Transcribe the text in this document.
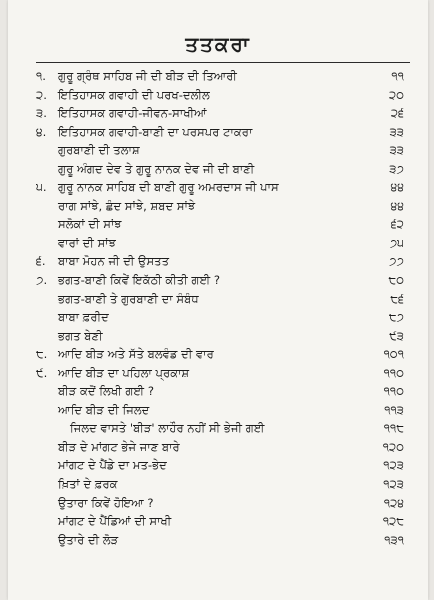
ਤਤਕਰਾ
੧.	ਗੁਰੂ ਗ੍ਰੰਥ ਸਾਹਿਬ ਜੀ ਦੀ ਬੀੜ ਦੀ ਤਿਆਰੀ	੧੧
੨. ਇਤਿਹਾਸਕ ਗਵਾਹੀ ਦੀ ਪਰਖ-ਦਲੀਲ	੨੦
੩. ਇਤਿਹਾਸਕ ਗਵਾਹੀ-ਜੀਵਨ-ਸਾਖੀਆਂ	੨੬
੪.	ਇਤਿਹਾਸਕ ਗਵਾਹੀ-ਬਾਣੀ ਦਾ ਪਰਸਪਰ ਟਾਕਰਾ	੩੩
ਗੁਰਬਾਣੀ ਦੀ ਤਲਾਸ਼	੩੩
ਗੁਰੂ ਅੰਗਦ ਦੇਵ ਤੇ ਗੁਰੂ ਨਾਨਕ ਦੇਵ ਜੀ ਦੀ ਬਾਣੀ	੩੭
੫. ਗੁਰੂ ਨਾਨਕ ਸਾਹਿਬ ਦੀ ਬਾਣੀ ਗੁਰੂ ਅਮਰਦਾਸ ਜੀ ਪਾਸ	੪੪
ਰਾਗ ਸਾਂਝੇ, ਛੰਦ ਸਾਂਝੇ, ਸ਼ਬਦ ਸਾਂਝੇ	੪੪
ਸਲੋਕਾਂ ਦੀ ਸਾਂਝ	੬੨
ਵਾਰਾਂ ਦੀ ਸਾਂਝ	੭੫
੬.	ਬਾਬਾ ਮੋਹਨ ਜੀ ਦੀ ਉਸਤਤ	੭੭
੭. ਭਗਤ-ਬਾਣੀ ਕਿਵੇਂ ਇਕੱਠੀ ਕੀਤੀ ਗਈ ?	੮੦
ਭਗਤ-ਬਾਣੀ ਤੇ ਗੁਰਬਾਣੀ ਦਾ ਸੰਬੰਧ	੮੬
ਬਾਬਾ ਫ਼ਰੀਦ	੮੭
ਭਗਤ ਬੇਣੀ	੯੩
੮. ਆਦਿ ਬੀੜ ਅਤੇ ਸੱਤੇ ਬਲਵੰਡ ਦੀ ਵਾਰ	੧੦੧
੯. ਆਦਿ ਬੀੜ ਦਾ ਪਹਿਲਾ ਪ੍ਰਕਾਸ਼	੧੧੦
ਬੀੜ ਕਦੋਂ ਲਿਖੀ ਗਈ ?	੧੧੦
ਆਦਿ ਬੀੜ ਦੀ ਜਿਲਦ	੧੧੩
ਜਿਲਦ ਵਾਸਤੇ 'ਬੀੜ' ਲਾਹੌਰ ਨਹੀਂ ਸੀ ਭੇਜੀ ਗਈ	੧੧੮
ਬੀੜ ਦੇ ਮਾਂਗਟ ਭੇਜੇ ਜਾਣ ਬਾਰੇ	੧੨੦
ਮਾਂਗਟ ਦੇ ਪੈਂਡੇ ਦਾ ਮਤ-ਭੇਦ	੧੨੩
ਖ਼ਿਤਾਂ ਦੇ ਫ਼ਰਕ	੧੨੩
ਉਤਾਰਾ ਕਿਵੇਂ ਹੋਇਆ ?	੧੨੪
ਮਾਂਗਟ ਦੇ ਪੈਂਡਿਆਂ ਦੀ ਸਾਖੀ	੧੨੮
ਉਤਾਰੇ ਦੀ ਲੋੜ	੧੩੧
